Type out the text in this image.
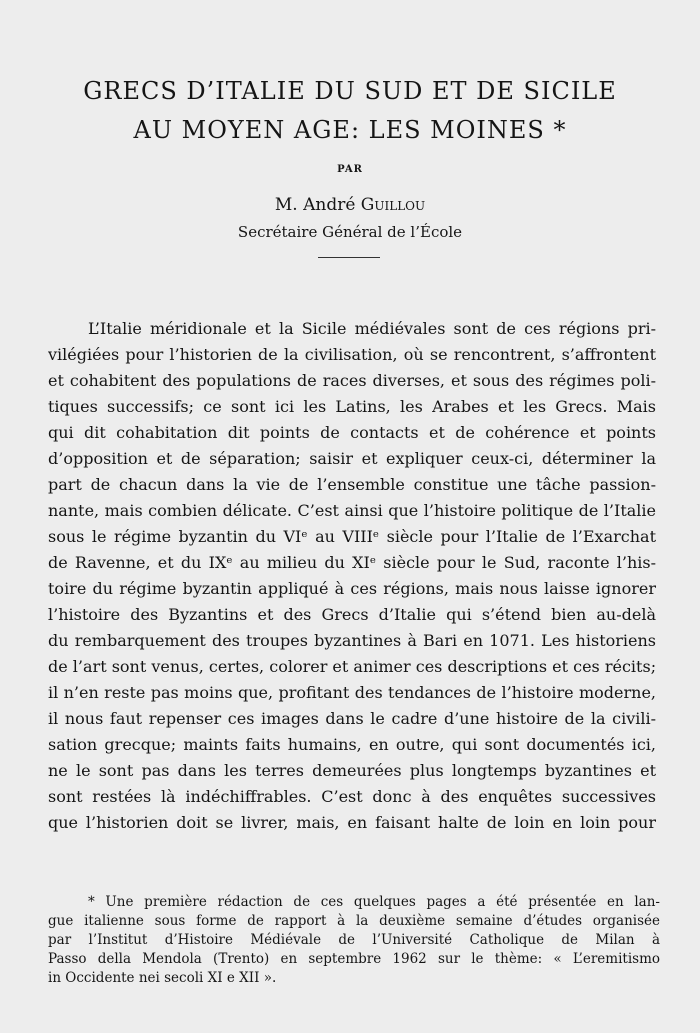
GRECS D’ITALIE DU SUD ET DE SICILE
AU MOYEN AGE: LES MOINES *
PAR
M. André Guillou
Secrétaire Général de l’École
L’Italie méridionale et la Sicile médiévales sont de ces régions pri-
vilégiées pour l’historien de la civilisation, où se rencontrent, s’affrontent
et cohabitent des populations de races diverses, et sous des régimes poli-
tiques successifs; ce sont ici les Latins, les Arabes et les Grecs. Mais
qui dit cohabitation dit points de contacts et de cohérence et points
d’opposition et de séparation; saisir et expliquer ceux-ci, déterminer la
part de chacun dans la vie de l’ensemble constitue une tâche passion-
nante, mais combien délicate. C’est ainsi que l’histoire politique de l’Italie
sous le régime byzantin du VIᵉ au VIIIᵉ siècle pour l’Italie de l’Exarchat
de Ravenne, et du IXᵉ au milieu du XIᵉ siècle pour le Sud, raconte l’his-
toire du régime byzantin appliqué à ces régions, mais nous laisse ignorer
l’histoire des Byzantins et des Grecs d’Italie qui s’étend bien au-delà
du rembarquement des troupes byzantines à Bari en 1071. Les historiens
de l’art sont venus, certes, colorer et animer ces descriptions et ces récits;
il n’en reste pas moins que, profitant des tendances de l’histoire moderne,
il nous faut repenser ces images dans le cadre d’une histoire de la civili-
sation grecque; maints faits humains, en outre, qui sont documentés ici,
ne le sont pas dans les terres demeurées plus longtemps byzantines et
sont restées là indéchiffrables. C’est donc à des enquêtes successives
que l’historien doit se livrer, mais, en faisant halte de loin en loin pour
* Une première rédaction de ces quelques pages a été présentée en lan-
gue italienne sous forme de rapport à la deuxième semaine d’études organisée
par l’Institut d’Histoire Médiévale de l’Université Catholique de Milan à
Passo della Mendola (Trento) en septembre 1962 sur le thème: « L’eremitismo
in Occidente nei secoli XI e XII ».
